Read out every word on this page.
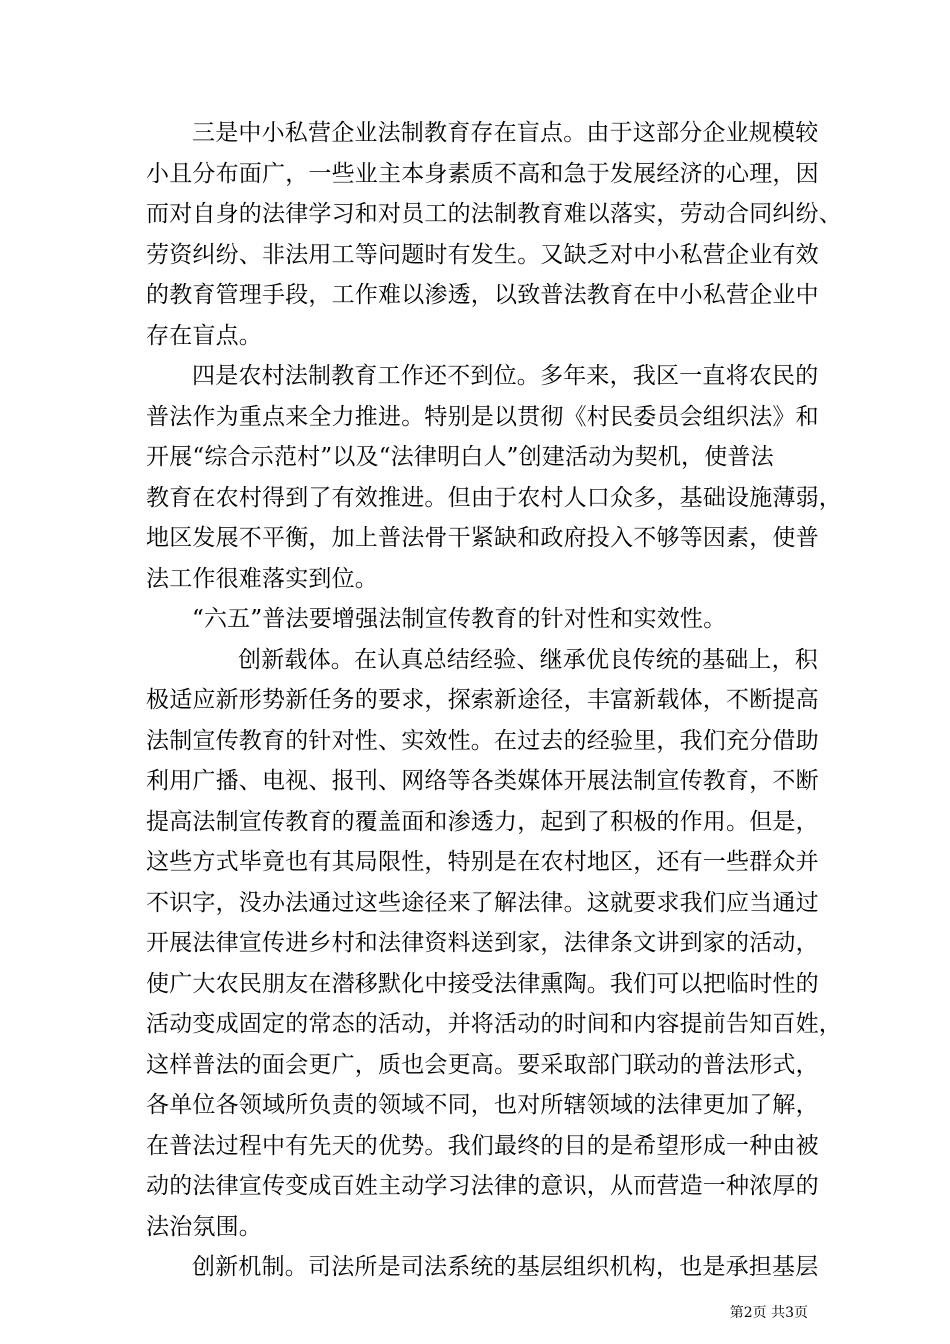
三是中小私营企业法制教育存在盲点。由于这部分企业规模较
小且分布面广，一些业主本身素质不高和急于发展经济的心理，因
而对自身的法律学习和对员工的法制教育难以落实，劳动合同纠纷、
劳资纠纷、非法用工等问题时有发生。又缺乏对中小私营企业有效
的教育管理手段，工作难以渗透，以致普法教育在中小私营企业中
存在盲点。
四是农村法制教育工作还不到位。多年来，我区一直将农民的
普法作为重点来全力推进。特别是以贯彻《村民委员会组织法》和
开展“综合示范村”以及“法律明白人”创建活动为契机，使普法
教育在农村得到了有效推进。但由于农村人口众多，基础设施薄弱，
地区发展不平衡，加上普法骨干紧缺和政府投入不够等因素，使普
法工作很难落实到位。
“六五”普法要增强法制宣传教育的针对性和实效性。
创新载体。在认真总结经验、继承优良传统的基础上，积
极适应新形势新任务的要求，探索新途径，丰富新载体，不断提高
法制宣传教育的针对性、实效性。在过去的经验里，我们充分借助
利用广播、电视、报刊、网络等各类媒体开展法制宣传教育，不断
提高法制宣传教育的覆盖面和渗透力，起到了积极的作用。但是，
这些方式毕竟也有其局限性，特别是在农村地区，还有一些群众并
不识字，没办法通过这些途径来了解法律。这就要求我们应当通过
开展法律宣传进乡村和法律资料送到家，法律条文讲到家的活动，
使广大农民朋友在潜移默化中接受法律熏陶。我们可以把临时性的
活动变成固定的常态的活动，并将活动的时间和内容提前告知百姓，
这样普法的面会更广，质也会更高。要采取部门联动的普法形式，
各单位各领域所负责的领域不同，也对所辖领域的法律更加了解，
在普法过程中有先天的优势。我们最终的目的是希望形成一种由被
动的法律宣传变成百姓主动学习法律的意识，从而营造一种浓厚的
法治氛围。
创新机制。司法所是司法系统的基层组织机构，也是承担基层
第2页 共3页
